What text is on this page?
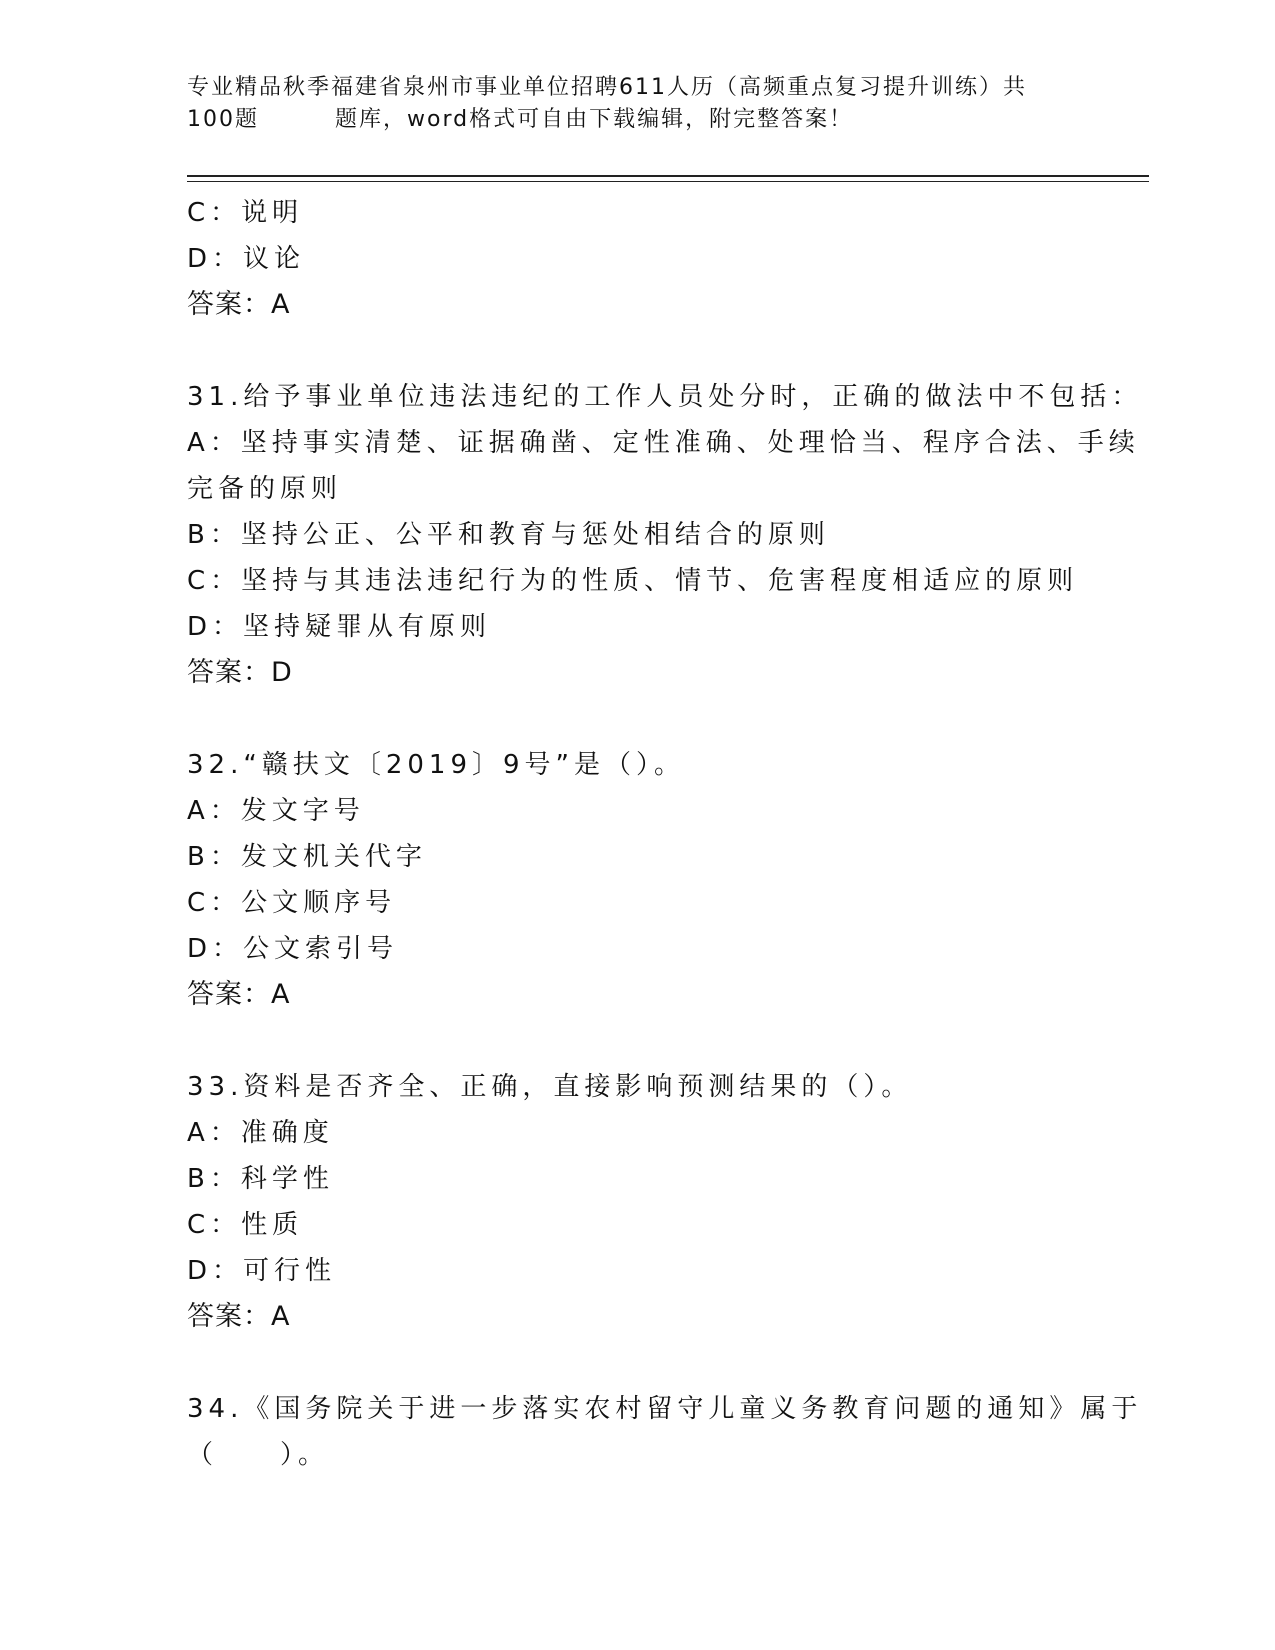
专业精品秋季福建省泉州市事业单位招聘611人历（高频重点复习提升训练）共
100题	题库，word格式可自由下载编辑，附完整答案！
C：说明
D：议论
答案：A
31.给予事业单位违法违纪的工作人员处分时，正确的做法中不包括：
A：坚持事实清楚、证据确凿、定性准确、处理恰当、程序合法、手续
完备的原则
B：坚持公正、公平和教育与惩处相结合的原则
C：坚持与其违法违纪行为的性质、情节、危害程度相适应的原则
D：坚持疑罪从有原则
答案：D
32.“赣扶文〔2019〕9号”是（）。
A：发文字号
B：发文机关代字
C：公文顺序号
D：公文索引号
答案：A
33.资料是否齐全、正确，直接影响预测结果的（）。
A：准确度
B：科学性
C：性质
D：可行性
答案：A
34.《国务院关于进一步落实农村留守儿童义务教育问题的通知》属于
（　　）。
